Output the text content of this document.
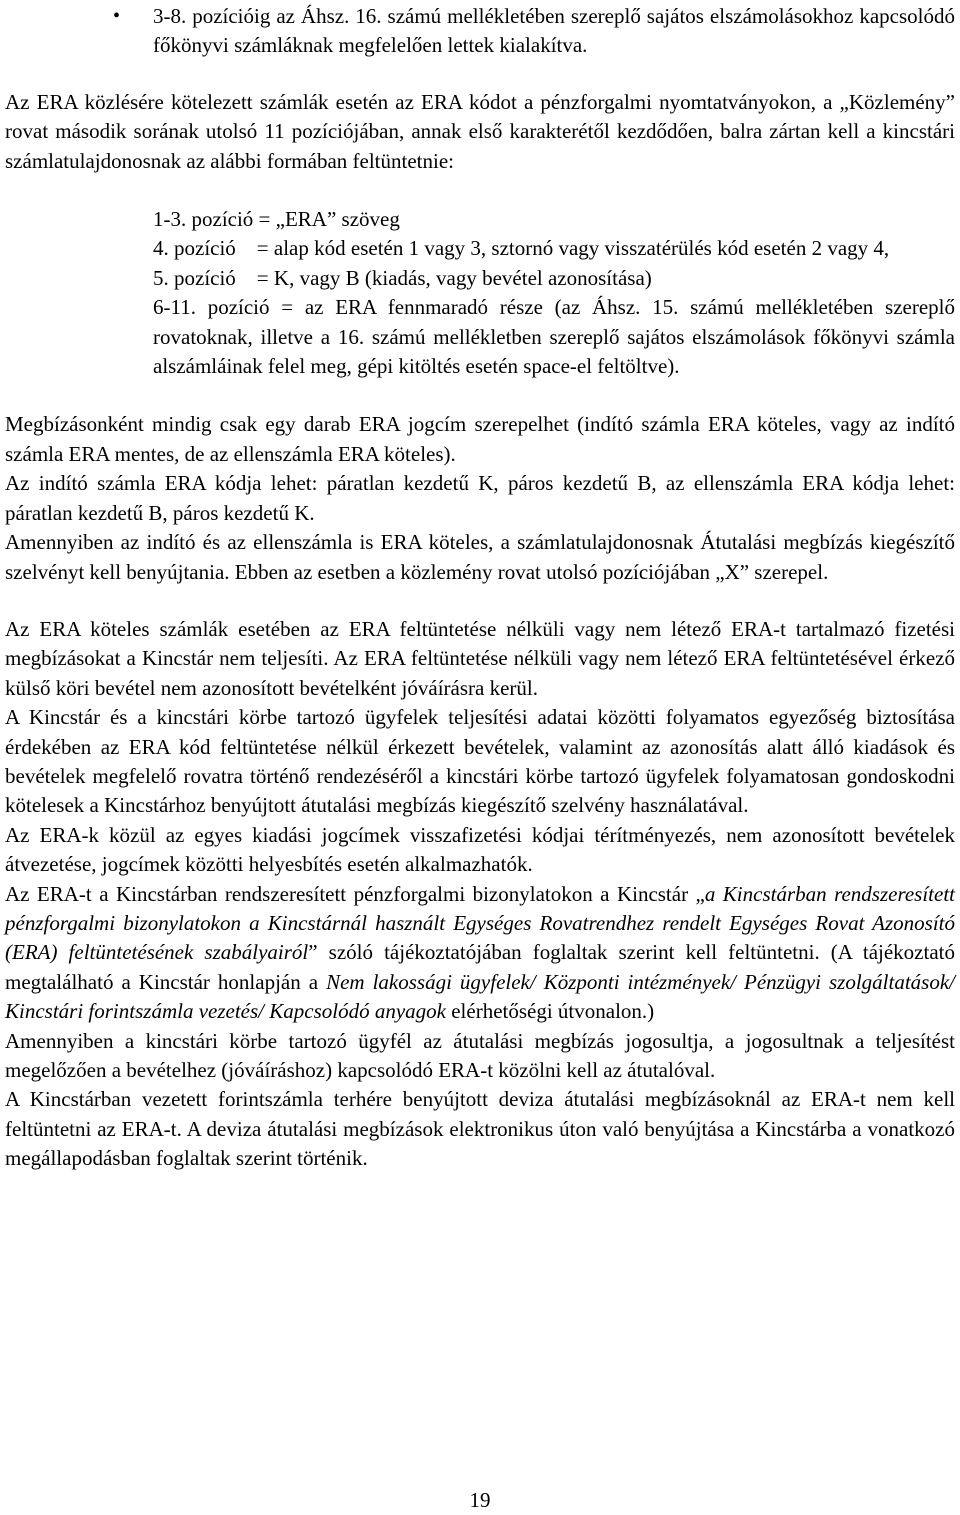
• 3-8. pozícióig az Áhsz. 16. számú mellékletében szereplő sajátos elszámolásokhoz kapcsolódó főkönyvi számláknak megfelelően lettek kialakítva.

Az ERA közlésére kötelezett számlák esetén az ERA kódot a pénzforgalmi nyomtatványokon, a „Közlemény” rovat második sorának utolsó 11 pozíciójában, annak első karakterétől kezdődően, balra zártan kell a kincstári számlatulajdonosnak az alábbi formában feltüntetnie:

1-3. pozíció = „ERA” szöveg

4. pozíció    = alap kód esetén 1 vagy 3, sztornó vagy visszatérülés kód esetén 2 vagy 4,

5. pozíció    = K, vagy B (kiadás, vagy bevétel azonosítása)

6-11. pozíció = az ERA fennmaradó része (az Áhsz. 15. számú mellékletében szereplő rovatoknak, illetve a 16. számú mellékletben szereplő sajátos elszámolások főkönyvi számla alszámláinak felel meg, gépi kitöltés esetén space-el feltöltve).

Megbízásonként mindig csak egy darab ERA jogcím szerepelhet (indító számla ERA köteles, vagy az indító számla ERA mentes, de az ellenszámla ERA köteles).

Az indító számla ERA kódja lehet: páratlan kezdetű K, páros kezdetű B, az ellenszámla ERA kódja lehet: páratlan kezdetű B, páros kezdetű K.

Amennyiben az indító és az ellenszámla is ERA köteles, a számlatulajdonosnak Átutalási megbízás kiegészítő szelvényt kell benyújtania. Ebben az esetben a közlemény rovat utolsó pozíciójában „X” szerepel.

Az ERA köteles számlák esetében az ERA feltüntetése nélküli vagy nem létező ERA-t tartalmazó fizetési megbízásokat a Kincstár nem teljesíti. Az ERA feltüntetése nélküli vagy nem létező ERA feltüntetésével érkező külső köri bevétel nem azonosított bevételként jóváírásra kerül.

A Kincstár és a kincstári körbe tartozó ügyfelek teljesítési adatai közötti folyamatos egyezőség biztosítása érdekében az ERA kód feltüntetése nélkül érkezett bevételek, valamint az azonosítás alatt álló kiadások és bevételek megfelelő rovatra történő rendezéséről a kincstári körbe tartozó ügyfelek folyamatosan gondoskodni kötelesek a Kincstárhoz benyújtott átutalási megbízás kiegészítő szelvény használatával.

Az ERA-k közül az egyes kiadási jogcímek visszafizetési kódjai térítményezés, nem azonosított bevételek átvezetése, jogcímek közötti helyesbítés esetén alkalmazhatók.

Az ERA-t a Kincstárban rendszeresített pénzforgalmi bizonylatokon a Kincstár „a Kincstárban rendszeresített pénzforgalmi bizonylatokon a Kincstárnál használt Egységes Rovatrendhez rendelt Egységes Rovat Azonosító (ERA) feltüntetésének szabályairól” szóló tájékoztatójában foglaltak szerint kell feltüntetni. (A tájékoztató megtalálható a Kincstár honlapján a Nem lakossági ügyfelek/ Központi intézmények/ Pénzügyi szolgáltatások/ Kincstári forintszámla vezetés/ Kapcsolódó anyagok elérhetőségi útvonalon.)

Amennyiben a kincstári körbe tartozó ügyfél az átutalási megbízás jogosultja, a jogosultnak a teljesítést megelőzően a bevételhez (jóváíráshoz) kapcsolódó ERA-t közölni kell az átutalóval.

A Kincstárban vezetett forintszámla terhére benyújtott deviza átutalási megbízásoknál az ERA-t nem kell feltüntetni az ERA-t. A deviza átutalási megbízások elektronikus úton való benyújtása a Kincstárba a vonatkozó megállapodásban foglaltak szerint történik.

19
